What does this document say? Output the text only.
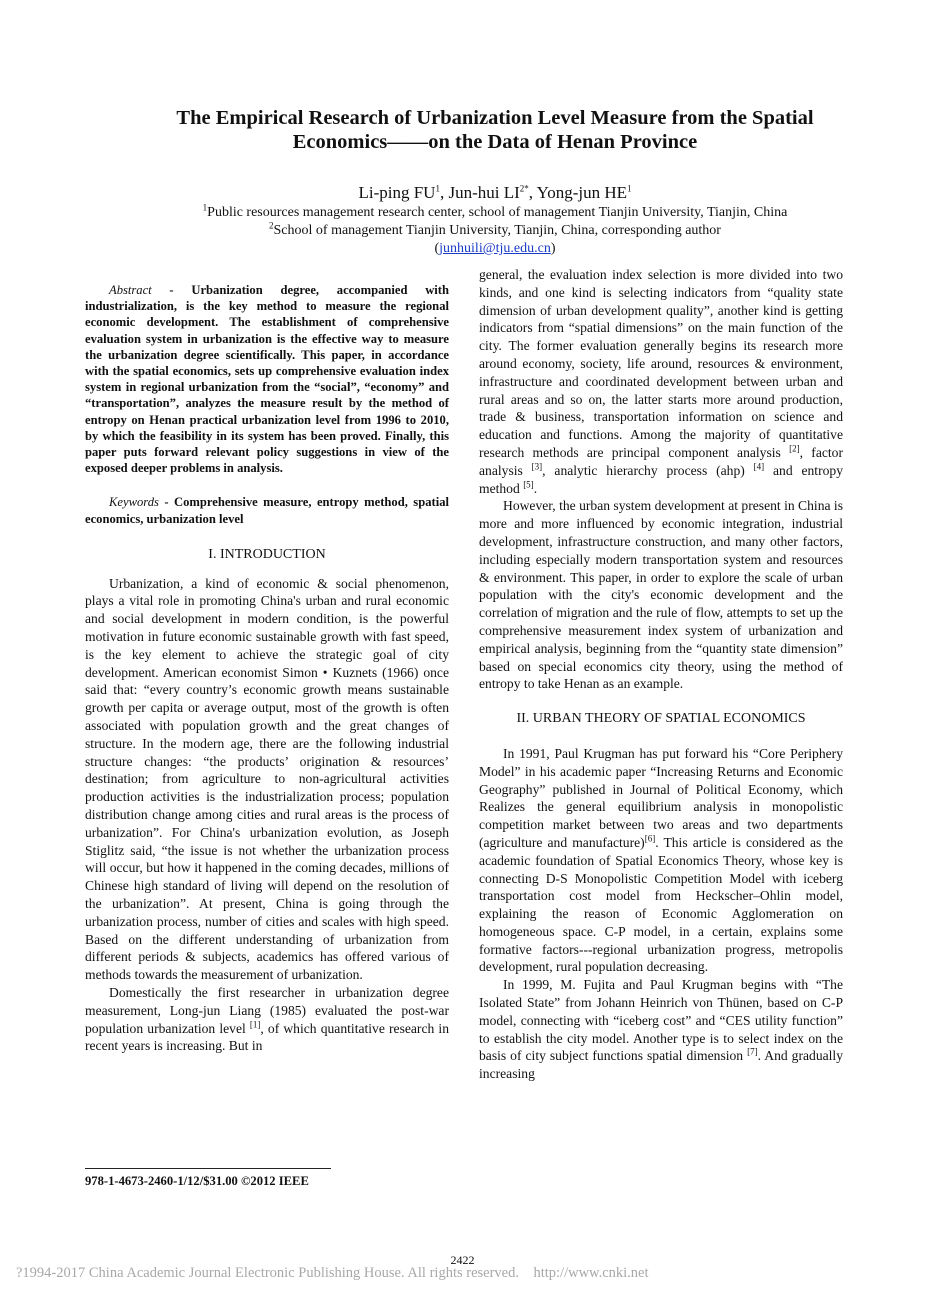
The Empirical Research of Urbanization Level Measure from the Spatial
Economics——on the Data of Henan Province
Li-ping $FU^1$, Jun-hui $LI^{2*}$, Yong-jun $HE^1$
$^1$Public resources management research center, school of management Tianjin University, Tianjin, China
$^2$School of management Tianjin University, Tianjin, China, corresponding author
(junhuili@tju.edu.cn)

Abstract - Urbanization degree, accompanied with industrialization, is the key method to measure the regional economic development. The establishment of comprehensive evaluation system in urbanization is the effective way to measure the urbanization degree scientifically. This paper, in accordance with the spatial economics, sets up comprehensive evaluation index system in regional urbanization from the “social”, “economy” and “transportation”, analyzes the measure result by the method of entropy on Henan practical urbanization level from 1996 to 2010, by which the feasibility in its system has been proved. Finally, this paper puts forward relevant policy suggestions in view of the exposed deeper problems in analysis.

Keywords - Comprehensive measure, entropy method, spatial economics, urbanization level

I. INTRODUCTION

Urbanization, a kind of economic & social phenomenon, plays a vital role in promoting China's urban and rural economic and social development in modern condition, is the powerful motivation in future economic sustainable growth with fast speed, is the key element to achieve the strategic goal of city development. American economist Simon • Kuznets (1966) once said that: “every country’s economic growth means sustainable growth per capita or average output, most of the growth is often associated with population growth and the great changes of structure. In the modern age, there are the following industrial structure changes: “the products’ origination & resources’ destination; from agriculture to non-agricultural activities production activities is the industrialization process; population distribution change among cities and rural areas is the process of urbanization”. For China's urbanization evolution, as Joseph Stiglitz said, “the issue is not whether the urbanization process will occur, but how it happened in the coming decades, millions of Chinese high standard of living will depend on the resolution of the urbanization”. At present, China is going through the urbanization process, number of cities and scales with high speed. Based on the different understanding of urbanization from different periods & subjects, academics has offered various of methods towards the measurement of urbanization.

Domestically the first researcher in urbanization degree measurement, Long-jun Liang (1985) evaluated the post-war population urbanization level [1], of which quantitative research in recent years is increasing. But in

general, the evaluation index selection is more divided into two kinds, and one kind is selecting indicators from “quality state dimension of urban development quality”, another kind is getting indicators from “spatial dimensions” on the main function of the city. The former evaluation generally begins its research more around economy, society, life around, resources & environment, infrastructure and coordinated development between urban and rural areas and so on, the latter starts more around production, trade & business, transportation information on science and education and functions. Among the majority of quantitative research methods are principal component analysis [2], factor analysis [3], analytic hierarchy process (ahp) [4] and entropy method [5].

However, the urban system development at present in China is more and more influenced by economic integration, industrial development, infrastructure construction, and many other factors, including especially modern transportation system and resources & environment. This paper, in order to explore the scale of urban population with the city's economic development and the correlation of migration and the rule of flow, attempts to set up the comprehensive measurement index system of urbanization and empirical analysis, beginning from the “quantity state dimension” based on special economics city theory, using the method of entropy to take Henan as an example.

II. URBAN THEORY OF SPATIAL ECONOMICS

In 1991, Paul Krugman has put forward his “Core Periphery Model” in his academic paper “Increasing Returns and Economic Geography” published in Journal of Political Economy, which Realizes the general equilibrium analysis in monopolistic competition market between two areas and two departments (agriculture and manufacture)[6]. This article is considered as the academic foundation of Spatial Economics Theory, whose key is connecting D-S Monopolistic Competition Model with iceberg transportation cost model from Heckscher–Ohlin model, explaining the reason of Economic Agglomeration on homogeneous space. C-P model, in a certain, explains some formative factors---regional urbanization progress, metropolis development, rural population decreasing.

In 1999, M. Fujita and Paul Krugman begins with “The Isolated State” from Johann Heinrich von Thünen, based on C-P model, connecting with “iceberg cost” and “CES utility function” to establish the city model. Another type is to select index on the basis of city subject functions spatial dimension [7]. And gradually increasing

978-1-4673-2460-1/12/$31.00 ©2012 IEEE
2422
?1994-2017 China Academic Journal Electronic Publishing House. All rights reserved. http://www.cnki.net
